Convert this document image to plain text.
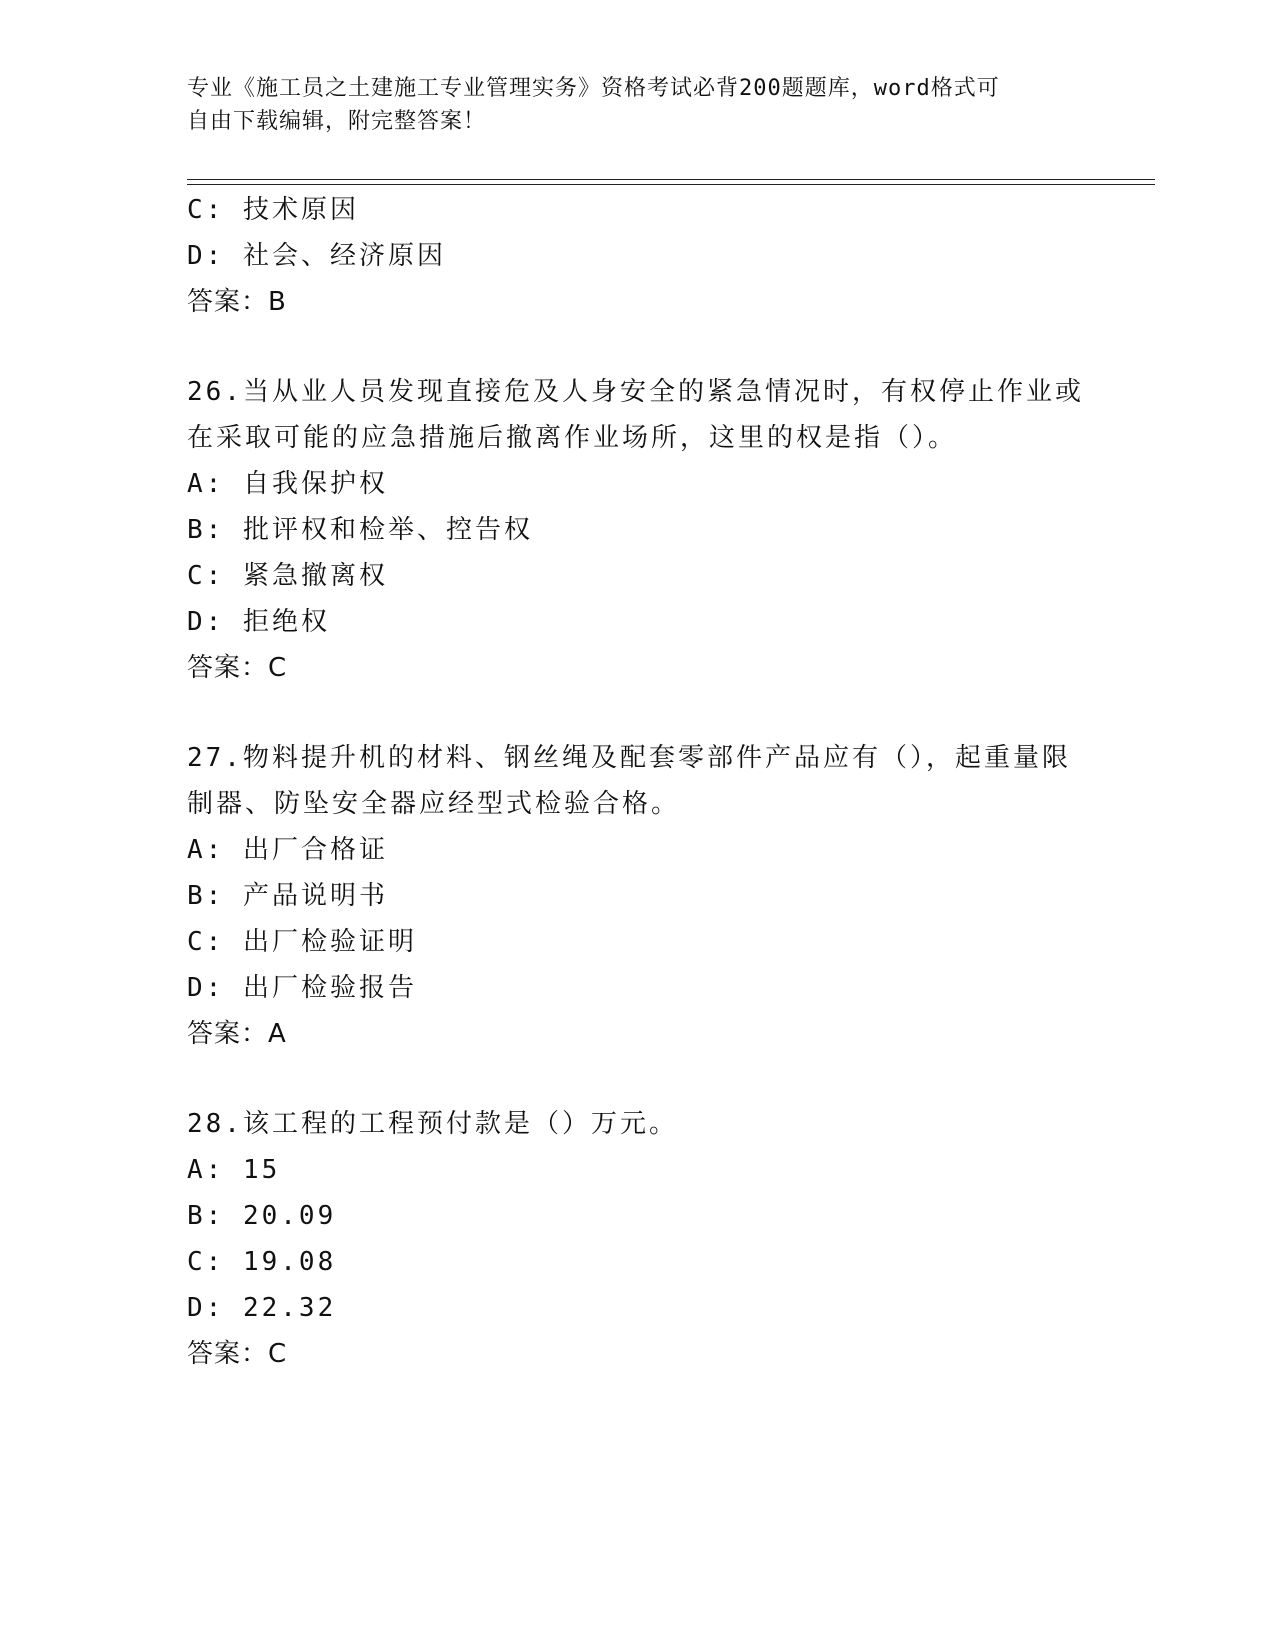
专业《施工员之土建施工专业管理实务》资格考试必背200题题库，word格式可
自由下载编辑，附完整答案！
C: 技术原因
D: 社会、经济原因
答案：B
26.当从业人员发现直接危及人身安全的紧急情况时，有权停止作业或
在采取可能的应急措施后撤离作业场所，这里的权是指（）。
A: 自我保护权
B: 批评权和检举、控告权
C: 紧急撤离权
D: 拒绝权
答案：C
27.物料提升机的材料、钢丝绳及配套零部件产品应有（），起重量限
制器、防坠安全器应经型式检验合格。
A: 出厂合格证
B: 产品说明书
C: 出厂检验证明
D: 出厂检验报告
答案：A
28.该工程的工程预付款是（）万元。
A: 15
B: 20.09
C: 19.08
D: 22.32
答案：C
